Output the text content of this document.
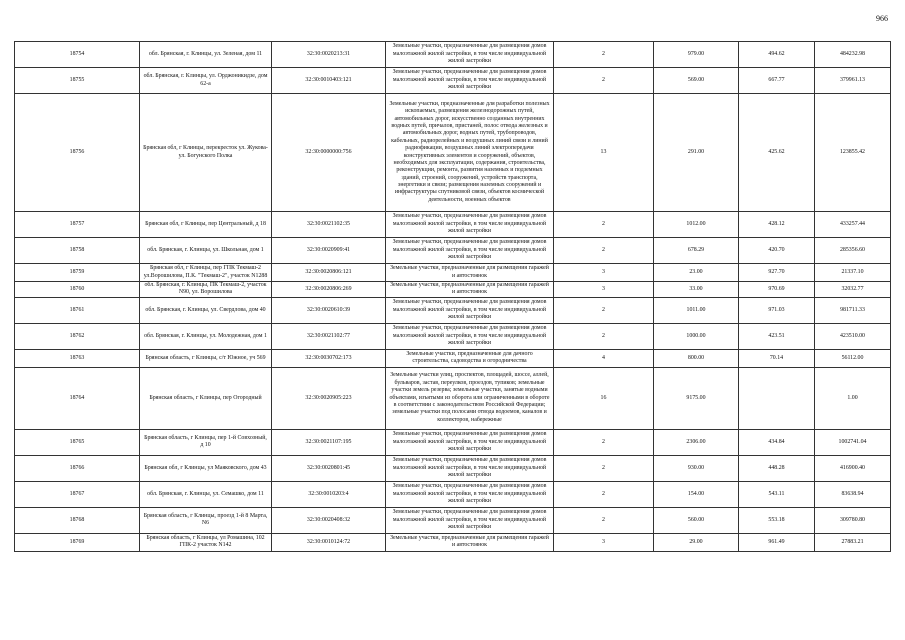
966
18754	обл. Брянская, г. Клинцы, ул. Зеленая, дом 11	32:30:0020213:31	Земельные участки, предназначенные для размещения домов малоэтажной жилой застройки, в том числе индивидуальной жилой застройки	2	979.00	494.62	484232.98
18755	обл. Брянская, г. Клинцы, ул. Орджоникидзе, дом 62-а	32:30:0010403:121	Земельные участки, предназначенные для размещения домов малоэтажной жилой застройки, в том числе индивидуальной жилой застройки	2	569.00	667.77	379961.13
18756	Брянская обл, г Клинцы, перекресток ул. Жукова- ул. Богунского Полка	32:30:0000000:756	Земельные участки, предназначенные для разработки полезных ископаемых, размещения железнодорожных путей, автомобильных дорог, искусственно созданных внутренних водных путей, причалов, пристаней, полос отвода железных и автомобильных дорог, водных путей, трубопроводов, кабельных, радиорелейных и воздушных линий связи и линий радиофикации, воздушных линий электропередачи конструктивных элементов и сооружений, объектов, необходимых для эксплуатации, содержания, строительства, реконструкции, ремонта, развития наземных и подземных зданий, строений, сооружений, устройств транспорта, энергетики и связи; размещения наземных сооружений и инфраструктуры спутниковой связи, объектов космической деятельности, военных объектов	13	291.00	425.62	123855.42
18757	Брянская обл, г Клинцы, пер Центральный, д 18	32:30:0021102:35	Земельные участки, предназначенные для размещения домов малоэтажной жилой застройки, в том числе индивидуальной жилой застройки	2	1012.00	428.12	433257.44
18758	обл. Брянская, г. Клинцы, ул. Школьная, дом 1	32:30:0020909:41	Земельные участки, предназначенные для размещения домов малоэтажной жилой застройки, в том числе индивидуальной жилой застройки	2	678.29	420.70	285356.60
18759	Брянская обл, г Клинцы, пер ГПК Текмаш-2 ул.Ворошилова, П.К. "Текмаш-2", участок N1288	32:30:0020806:121	Земельные участки, предназначенные для размещения гаражей и автостоянок	3	23.00	927.70	21337.10
18760	обл. Брянская, г. Клинцы, ПК Текмаш-2, участок N90, ул. Ворошилова	32:30:0020806:269	Земельные участки, предназначенные для размещения гаражей и автостоянок	3	33.00	970.69	32032.77
18761	обл. Брянская, г. Клинцы, ул. Свердлова, дом 40	32:30:0020610:39	Земельные участки, предназначенные для размещения домов малоэтажной жилой застройки, в том числе индивидуальной жилой застройки	2	1011.00	971.03	981711.33
18762	обл. Брянская, г. Клинцы, ул. Молодежная, дом 1	32:30:0021102:77	Земельные участки, предназначенные для размещения домов малоэтажной жилой застройки, в том числе индивидуальной жилой застройки	2	1000.00	423.51	423510.00
18763	Брянская область, г Клинцы, с/т Южное, уч 569	32:30:0030702:173	Земельные участки, предназначенные для дачного строительства, садоводства и огородничества	4	800.00	70.14	56112.00
18764	Брянская область, г Клинцы, пер Огородный	32:30:0020905:223	Земельные участки улиц, проспектов, площадей, шоссе, аллей, бульваров, застав, переулков, проездов, тупиков; земельные участки земель резерва; земельные участки, занятые водными объектами, изъятыми из оборота или ограниченными в обороте в соответствии с законодательством Российской Федерации; земельные участки под полосами отвода водоемов, каналов и коллекторов, набережные	16	9175.00		1.00
18765	Брянская область, г Клинцы, пер 1-й Совхозный, д 10	32:30:0021107:195	Земельные участки, предназначенные для размещения домов малоэтажной жилой застройки, в том числе индивидуальной жилой застройки	2	2306.00	434.84	1002741.04
18766	Брянская обл, г Клинцы, ул Маяковского, дом 43	32:30:0020801:45	Земельные участки, предназначенные для размещения домов малоэтажной жилой застройки, в том числе индивидуальной жилой застройки	2	930.00	448.28	416900.40
18767	обл. Брянская, г. Клинцы, ул. Семашко, дом 11	32:30:0010203:4	Земельные участки, предназначенные для размещения домов малоэтажной жилой застройки, в том числе индивидуальной жилой застройки	2	154.00	543.11	83638.94
18768	Брянская область, г Клинцы, проезд 1-й 8 Марта, N6	32:30:0020408:32	Земельные участки, предназначенные для размещения домов малоэтажной жилой застройки, в том числе индивидуальной жилой застройки	2	560.00	553.18	309780.80
18769	Брянская область, г Клинцы, ул Ромашина, 102 ГПК-2 участок N142	32:30:0010124:72	Земельные участки, предназначенные для размещения гаражей и автостоянок	3	29.00	961.49	27883.21
